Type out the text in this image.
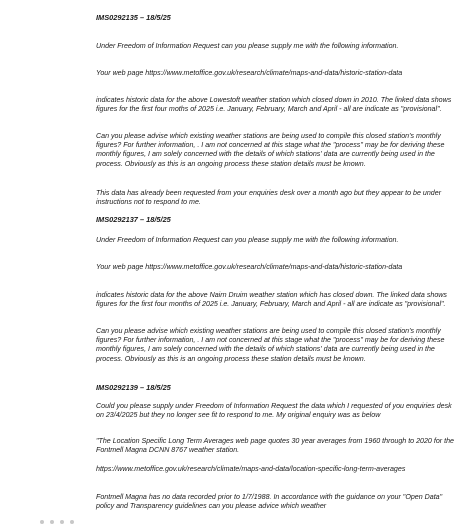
IMS0292135 – 18/5/25

Under Freedom of Information Request can you please supply me with the following information.

Your web page https://www.metoffice.gov.uk/research/climate/maps-and-data/historic-station-data

indicates historic data for the above Lowestoft weather station which closed down in 2010. The linked data shows figures for the first four moths of 2025 i.e. January, February, March and April - all are indicate as "provisional".

Can you please advise which existing weather stations are being used to compile this closed station's monthly figures? For further information, . I am not concerned at this stage what the "process" may be for deriving these monthly figures, I am solely concerned with the details of which stations' data are currently being used in the process. Obviously as this is an ongoing process these station details must be known.

This data has already been requested from your enquiries desk over a month ago but they appear to be under instructions not to respond to me.

IMS0292137 – 18/5/25

Under Freedom of Information Request can you please supply me with the following information.

Your web page https://www.metoffice.gov.uk/research/climate/maps-and-data/historic-station-data

indicates historic data for the above Nairn Druim weather station which has closed down. The linked data shows figures for the first four months of 2025 i.e. January, February, March and April - all are indicate as "provisional".

Can you please advise which existing weather stations are being used to compile this closed station's monthly figures? For further information, . I am not concerned at this stage what the "process" may be for deriving these monthly figures, I am solely concerned with the details of which stations' data are currently being used in the process. Obviously as this is an ongoing process these station details must be known.

IMS0292139 – 18/5/25

Could you please supply under Freedom of Information Request the data which I requested of you enquiries desk on 23/4/2025 but they no longer see fit to respond to me. My original enquiry was as below

"The Location Specific Long Term Averages web page quotes 30 year averages from 1960 through to 2020 for the Fontmell Magna DCNN 8767 weather station.

https://www.metoffice.gov.uk/research/climate/maps-and-data/location-specific-long-term-averages

Fontmell Magna has no data recorded prior to 1/7/1988. In accordance with the guidance on your "Open Data" policy and Transparency guidelines can you please advice which weather
